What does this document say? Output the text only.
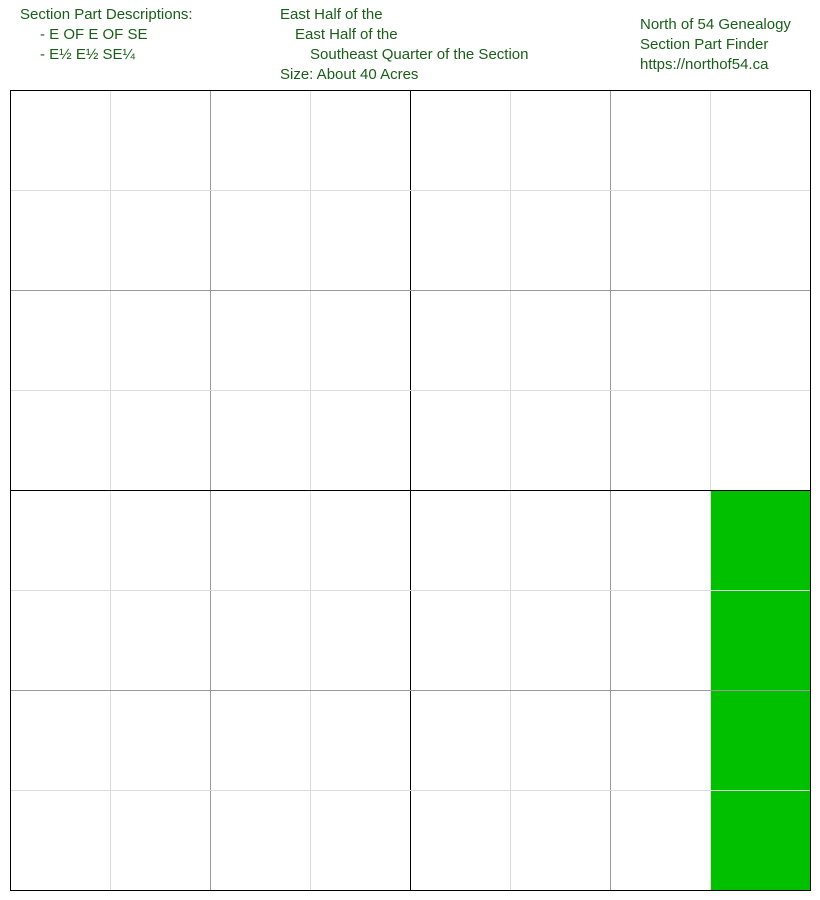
Section Part Descriptions:
- E OF E OF SE
- E½ E½ SE¼
East Half of the
East Half of the
Southeast Quarter of the Section
Size: About 40 Acres
North of 54 Genealogy
Section Part Finder
https://northof54.ca
